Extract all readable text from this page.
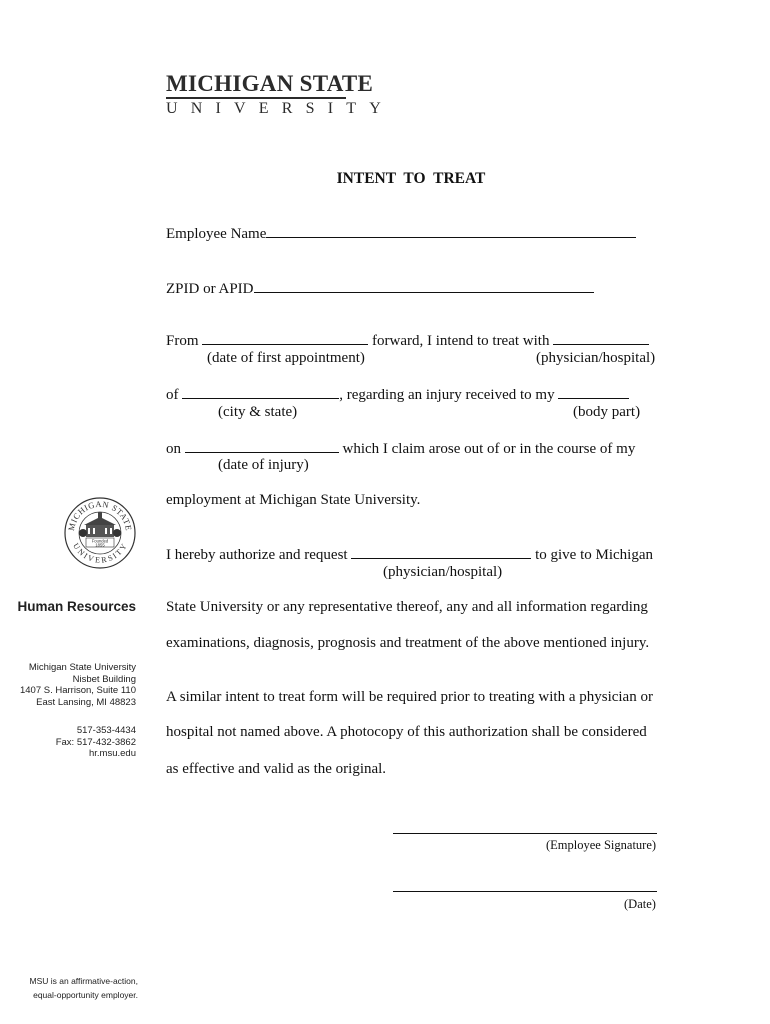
MICHIGAN STATE
UNIVERSITY
INTENT TO TREAT
Employee Name
ZPID or APID
From	forward, I intend to treat with
(date of first appointment)	(physician/hospital)
of	, regarding an injury received to my
(city & state)	(body part)
on	which I claim arose out of or in the course of my
(date of injury)
employment at Michigan State University.
MICHIGAN STATE
UNIVERSITY
Founded
1855
I hereby authorize and request	to give to Michigan
(physician/hospital)
State University or any representative thereof, any and all information regarding
examinations, diagnosis, prognosis and treatment of the above mentioned injury.
A similar intent to treat form will be required prior to treating with a physician or
hospital not named above. A photocopy of this authorization shall be considered
as effective and valid as the original.
(Employee Signature)
(Date)
Human Resources
Michigan State University
Nisbet Building
1407 S. Harrison, Suite 110
East Lansing, MI 48823
517-353-4434
Fax: 517-432-3862
hr.msu.edu
MSU is an affirmative-action,
equal-opportunity employer.
